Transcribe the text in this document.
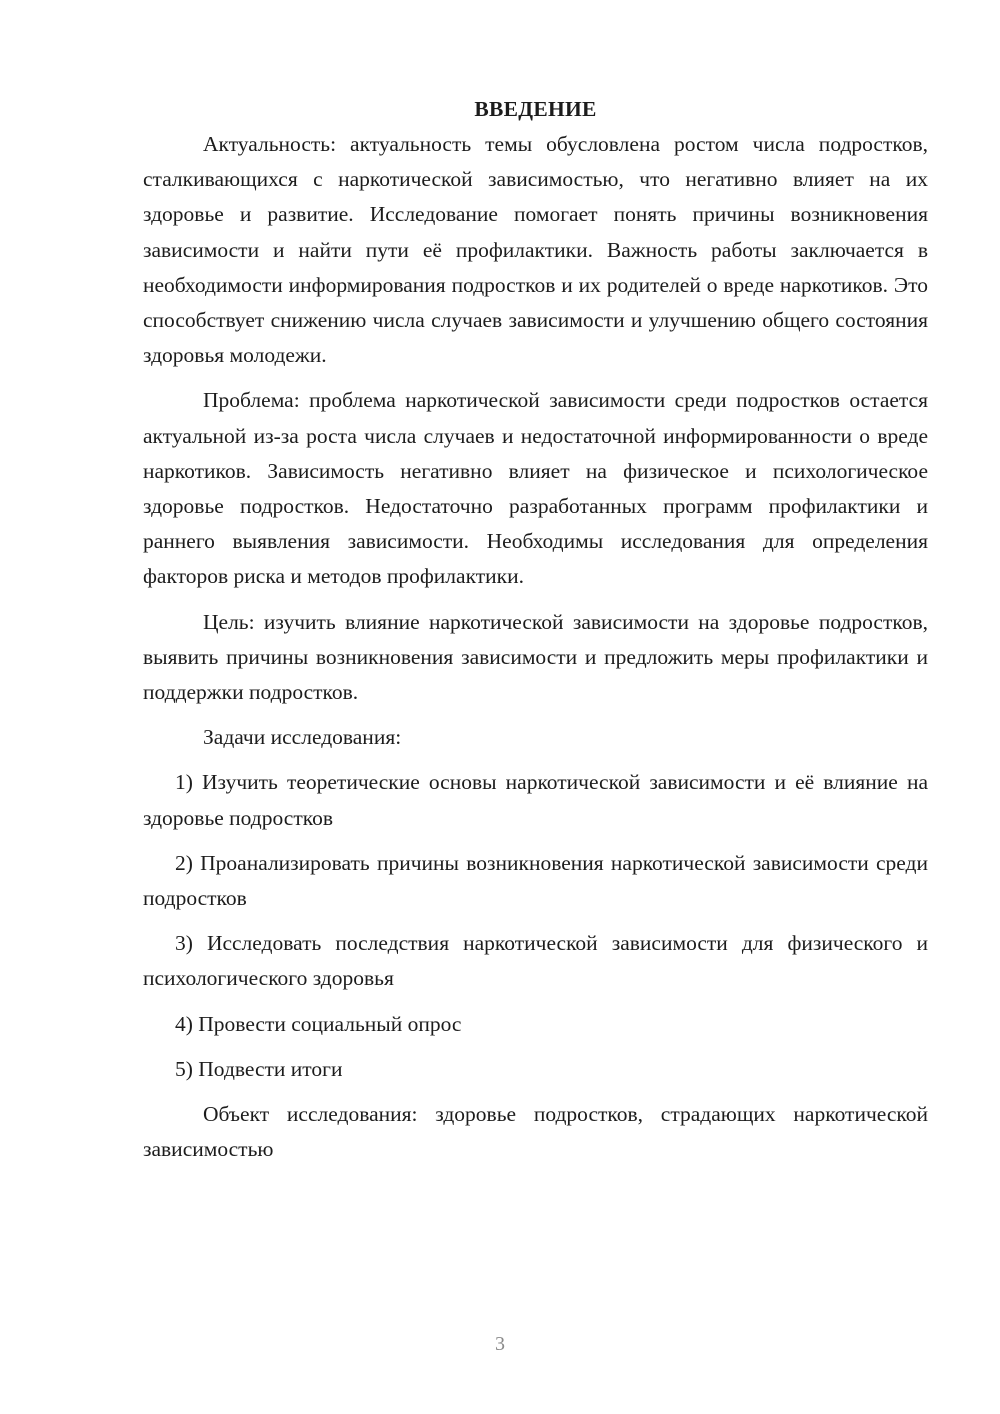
ВВЕДЕНИЕ

Актуальность: актуальность темы обусловлена ростом числа подростков, сталкивающихся с наркотической зависимостью, что негативно влияет на их здоровье и развитие. Исследование помогает понять причины возникновения зависимости и найти пути её профилактики. Важность работы заключается в необходимости информирования подростков и их родителей о вреде наркотиков. Это способствует снижению числа случаев зависимости и улучшению общего состояния здоровья молодежи.

Проблема: проблема наркотической зависимости среди подростков остается актуальной из-за роста числа случаев и недостаточной информированности о вреде наркотиков. Зависимость негативно влияет на физическое и психологическое здоровье подростков. Недостаточно разработанных программ профилактики и раннего выявления зависимости. Необходимы исследования для определения факторов риска и методов профилактики.

Цель: изучить влияние наркотической зависимости на здоровье подростков, выявить причины возникновения зависимости и предложить меры профилактики и поддержки подростков.

Задачи исследования:

1) Изучить теоретические основы наркотической зависимости и её влияние на здоровье подростков

2) Проанализировать причины возникновения наркотической зависимости среди подростков

3) Исследовать последствия наркотической зависимости для физического и психологического здоровья

4) Провести социальный опрос

5) Подвести итоги

Объект исследования: здоровье подростков, страдающих наркотической зависимостью

3
